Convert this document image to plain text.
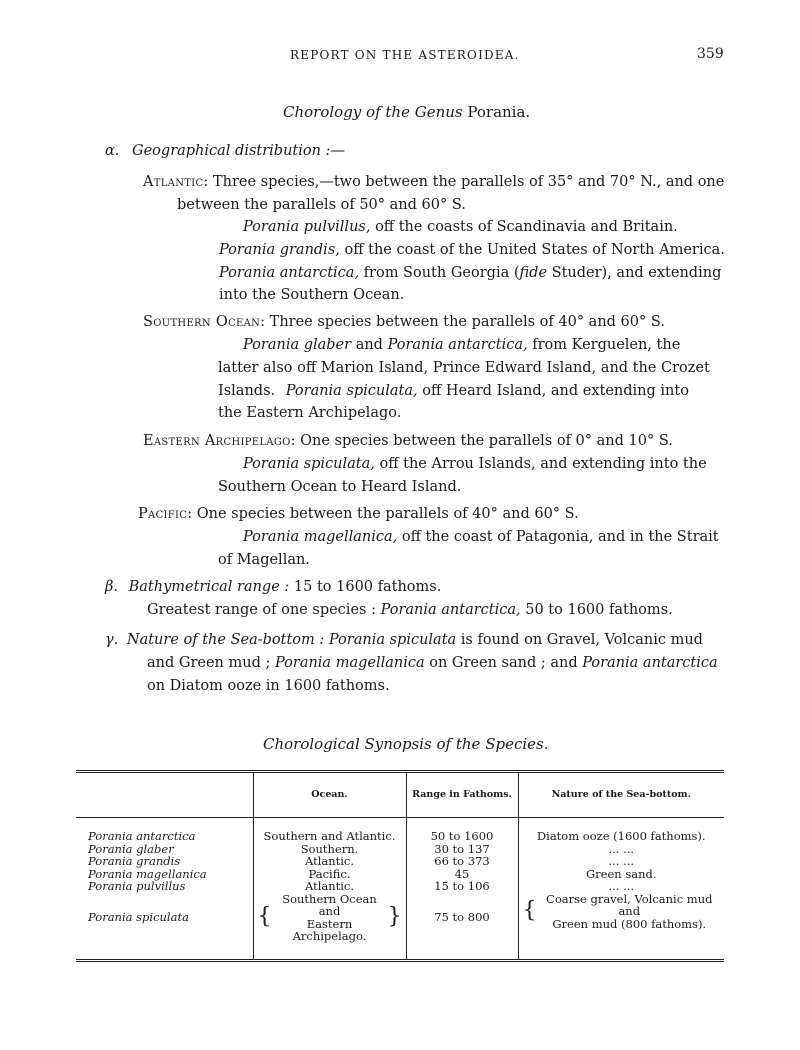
REPORT ON THE ASTEROIDEA.	359
Chorology of the Genus Porania.
α. Geographical distribution :—
Atlantic: Three species,—two between the parallels of 35° and 70° N., and one
between the parallels of 50° and 60° S.
Porania pulvillus, off the coasts of Scandinavia and Britain.
Porania grandis, off the coast of the United States of North America.
Porania antarctica, from South Georgia (fide Studer), and extending
into the Southern Ocean.
Southern Ocean: Three species between the parallels of 40° and 60° S.
Porania glaber and Porania antarctica, from Kerguelen, the
latter also off Marion Island, Prince Edward Island, and the Crozet
Islands. Porania spiculata, off Heard Island, and extending into
the Eastern Archipelago.
Eastern Archipelago: One species between the parallels of 0° and 10° S.
Porania spiculata, off the Arrou Islands, and extending into the
Southern Ocean to Heard Island.
Pacific: One species between the parallels of 40° and 60° S.
Porania magellanica, off the coast of Patagonia, and in the Strait
of Magellan.
β. Bathymetrical range : 15 to 1600 fathoms.
Greatest range of one species : Porania antarctica, 50 to 1600 fathoms.
γ. Nature of the Sea-bottom : Porania spiculata is found on Gravel, Volcanic mud
and Green mud ; Porania magellanica on Green sand ; and Porania antarctica
on Diatom ooze in 1600 fathoms.
Chorological Synopsis of the Species.
	Ocean.	Range in Fathoms.	Nature of the Sea-bottom.

Porania antarctica	Southern and Atlantic.	50 to 1600	Diatom ooze (1600 fathoms).
Porania glaber	Southern.	30 to 137	... ...
Porania grandis	Atlantic.	66 to 373	... ...
Porania magellanica	Pacific.	45	Green sand.
Porania pulvillus	Atlantic.	15 to 106	... ...
Porania spiculata	{
Southern Ocean and
Eastern Archipelago.
}	75 to 800	{ Coarse gravel, Volcanic mud and
Green mud (800 fathoms).
